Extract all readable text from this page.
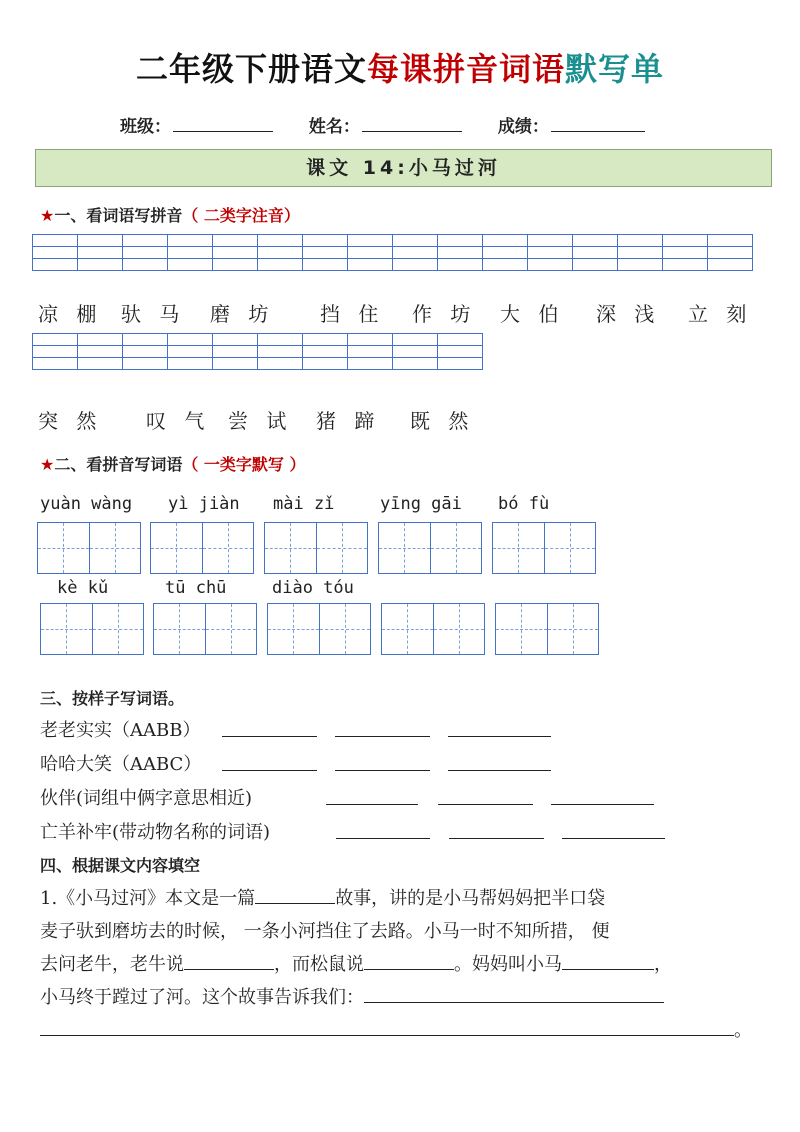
二年级下册语文每课拼音词语默写单
班级：	姓名：	成绩：
课文 14:小马过河
★一、看词语写拼音（ 二类字注音）

凉 棚 驮 马 磨 坊 挡 住 作 坊 大 伯 深 浅 立 刻

突 然 叹 气 尝 试 猪 蹄 既 然
★二、看拼音写词语（ 一类字默写 ）
yuàn wàng yì jiàn mài zǐ	yīng gāi bó fù
kè kǔ	tū chū	diào tóu
三、按样子写词语。
老老实实（AABB）
哈哈大笑（AABC）
伙伴(词组中俩字意思相近)
亡羊补牢(带动物名称的词语)
四、根据课文内容填空
1.《小马过河》本文是一篇	故事，讲的是小马帮妈妈把半口袋
麦子驮到磨坊去的时候， 一条小河挡住了去路。小马一时不知所措， 便
去问老牛，老牛说	，而松鼠说	。妈妈叫小马	，
小马终于蹚过了河。这个故事告诉我们：
。
